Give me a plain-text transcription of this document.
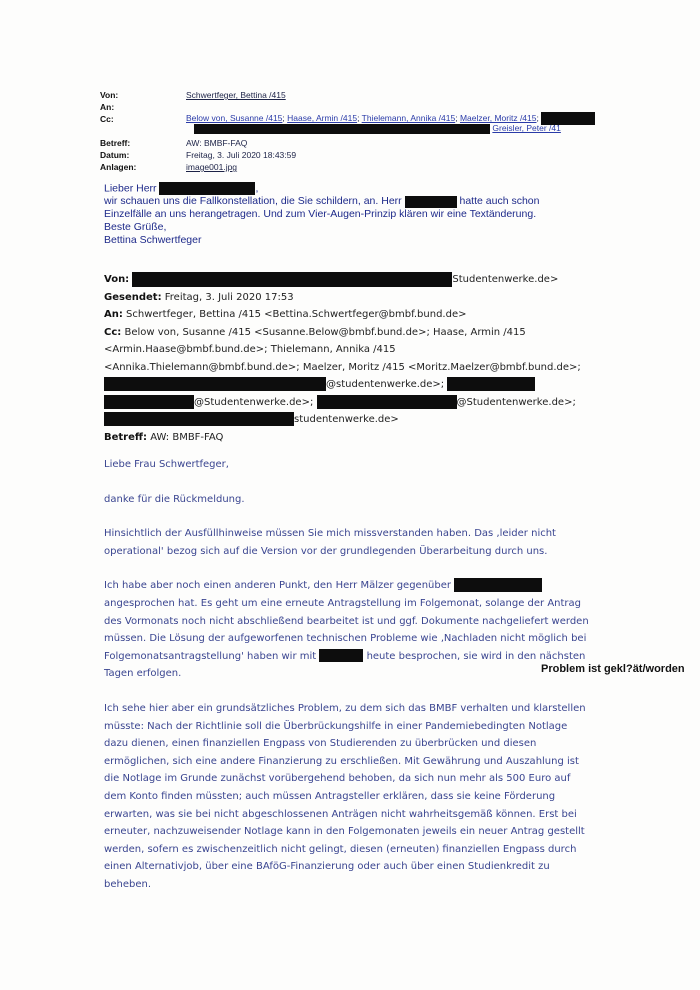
Von:	Schwertfeger, Bettina /415
An:
Cc:	Below von, Susanne /415; Haase, Armin /415; Thielemann, Annika /415; Maelzer, Moritz /415;
Greisler, Peter /41
Betreff:	AW: BMBF-FAQ
Datum:	Freitag, 3. Juli 2020 18:43:59
Anlagen:	image001.jpg
Lieber Herr	,
wir schauen uns die Fallkonstellation, die Sie schildern, an. Herr	hatte auch schon
Einzelfälle an uns herangetragen. Und zum Vier-Augen-Prinzip klären wir eine Textänderung.
Beste Grüße,
Bettina Schwertfeger
Von:	Studentenwerke.de>
Gesendet: Freitag, 3. Juli 2020 17:53
An: Schwertfeger, Bettina /415 <Bettina.Schwertfeger@bmbf.bund.de>
Cc: Below von, Susanne /415 <Susanne.Below@bmbf.bund.de>; Haase, Armin /415
<Armin.Haase@bmbf.bund.de>; Thielemann, Annika /415
<Annika.Thielemann@bmbf.bund.de>; Maelzer, Moritz /415 <Moritz.Maelzer@bmbf.bund.de>;
@studentenwerke.de>;
@Studentenwerke.de>;	@Studentenwerke.de>;
studentenwerke.de>
Betreff: AW: BMBF-FAQ
Liebe Frau Schwertfeger,
danke für die Rückmeldung.
Hinsichtlich der Ausfüllhinweise müssen Sie mich missverstanden haben. Das ‚leider nicht
operational' bezog sich auf die Version vor der grundlegenden Überarbeitung durch uns.
Ich habe aber noch einen anderen Punkt, den Herr Mälzer gegenüber
angesprochen hat. Es geht um eine erneute Antragstellung im Folgemonat, solange der Antrag
des Vormonats noch nicht abschließend bearbeitet ist und ggf. Dokumente nachgeliefert werden
müssen. Die Lösung der aufgeworfenen technischen Probleme wie ‚Nachladen nicht möglich bei
Folgemonatsantragstellung' haben wir mit	heute besprochen, sie wird in den nächsten
Tagen erfolgen.
Ich sehe hier aber ein grundsätzliches Problem, zu dem sich das BMBF verhalten und klarstellen
müsste: Nach der Richtlinie soll die Überbrückungshilfe in einer Pandemiebedingten Notlage
dazu dienen, einen finanziellen Engpass von Studierenden zu überbrücken und diesen
ermöglichen, sich eine andere Finanzierung zu erschließen. Mit Gewährung und Auszahlung ist
die Notlage im Grunde zunächst vorübergehend behoben, da sich nun mehr als 500 Euro auf
dem Konto finden müssten; auch müssen Antragsteller erklären, dass sie keine Förderung
erwarten, was sie bei nicht abgeschlossenen Anträgen nicht wahrheitsgemäß können. Erst bei
erneuter, nachzuweisender Notlage kann in den Folgemonaten jeweils ein neuer Antrag gestellt
werden, sofern es zwischenzeitlich nicht gelingt, diesen (erneuten) finanziellen Engpass durch
einen Alternativjob, über eine BAföG-Finanzierung oder auch über einen Studienkredit zu
beheben.
Problem ist gekl?ät/worden
